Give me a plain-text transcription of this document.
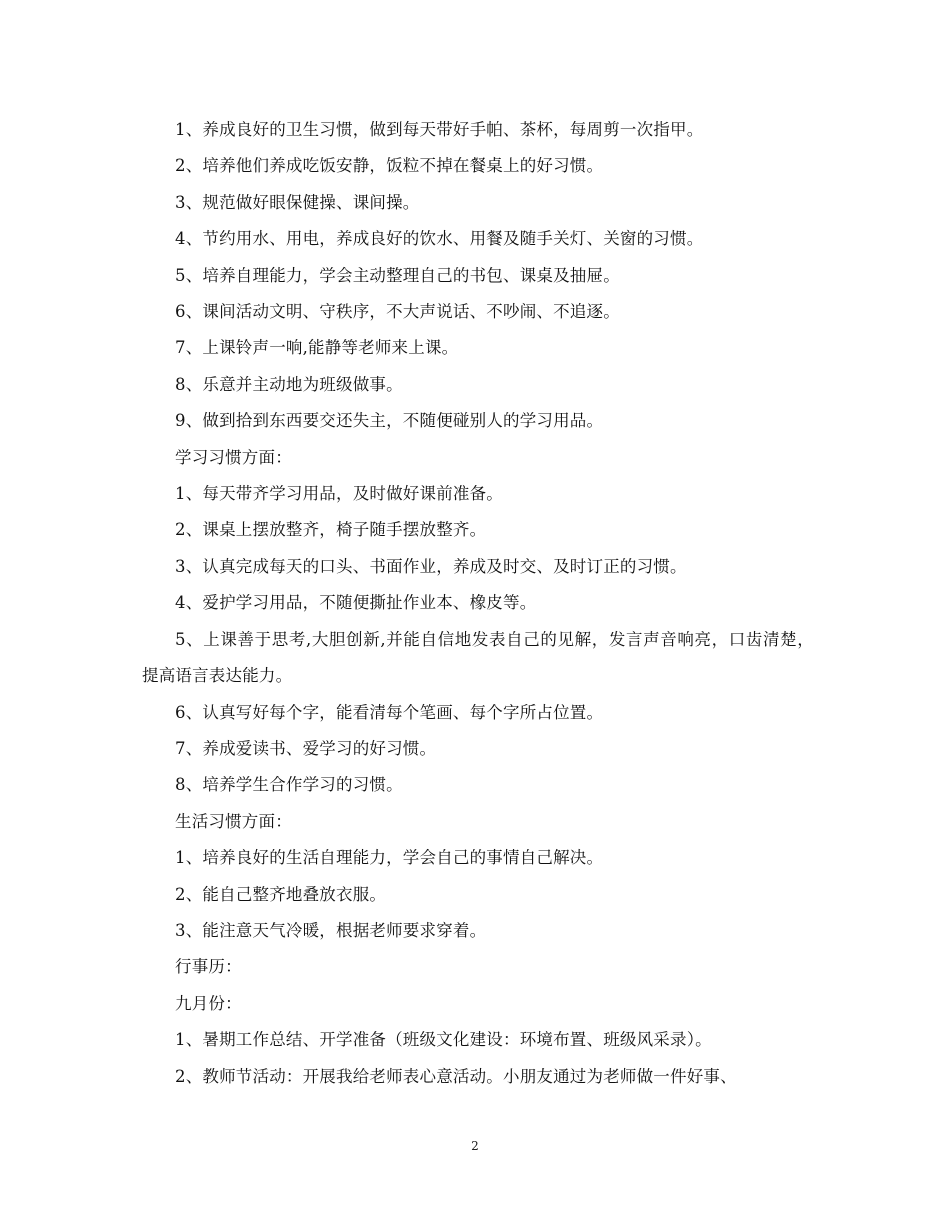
1、养成良好的卫生习惯，做到每天带好手帕、茶杯，每周剪一次指甲。

2、培养他们养成吃饭安静，饭粒不掉在餐桌上的好习惯。

3、规范做好眼保健操、课间操。

4、节约用水、用电，养成良好的饮水、用餐及随手关灯、关窗的习惯。

5、培养自理能力，学会主动整理自己的书包、课桌及抽屉。

6、课间活动文明、守秩序，不大声说话、不吵闹、不追逐。

7、上课铃声一响,能静等老师来上课。

8、乐意并主动地为班级做事。

9、做到拾到东西要交还失主，不随便碰别人的学习用品。

学习习惯方面：

1、每天带齐学习用品，及时做好课前准备。

2、课桌上摆放整齐，椅子随手摆放整齐。

3、认真完成每天的口头、书面作业，养成及时交、及时订正的习惯。

4、爱护学习用品，不随便撕扯作业本、橡皮等。

5、上课善于思考,大胆创新,并能自信地发表自己的见解，发言声音响亮，口齿清楚，提高语言表达能力。

6、认真写好每个字，能看清每个笔画、每个字所占位置。

7、养成爱读书、爱学习的好习惯。

8、培养学生合作学习的习惯。

生活习惯方面：

1、培养良好的生活自理能力，学会自己的事情自己解决。

2、能自己整齐地叠放衣服。

3、能注意天气冷暖，根据老师要求穿着。

行事历：

九月份：

1、暑期工作总结、开学准备（班级文化建设：环境布置、班级风采录）。

2、教师节活动：开展我给老师表心意活动。小朋友通过为老师做一件好事、

2
